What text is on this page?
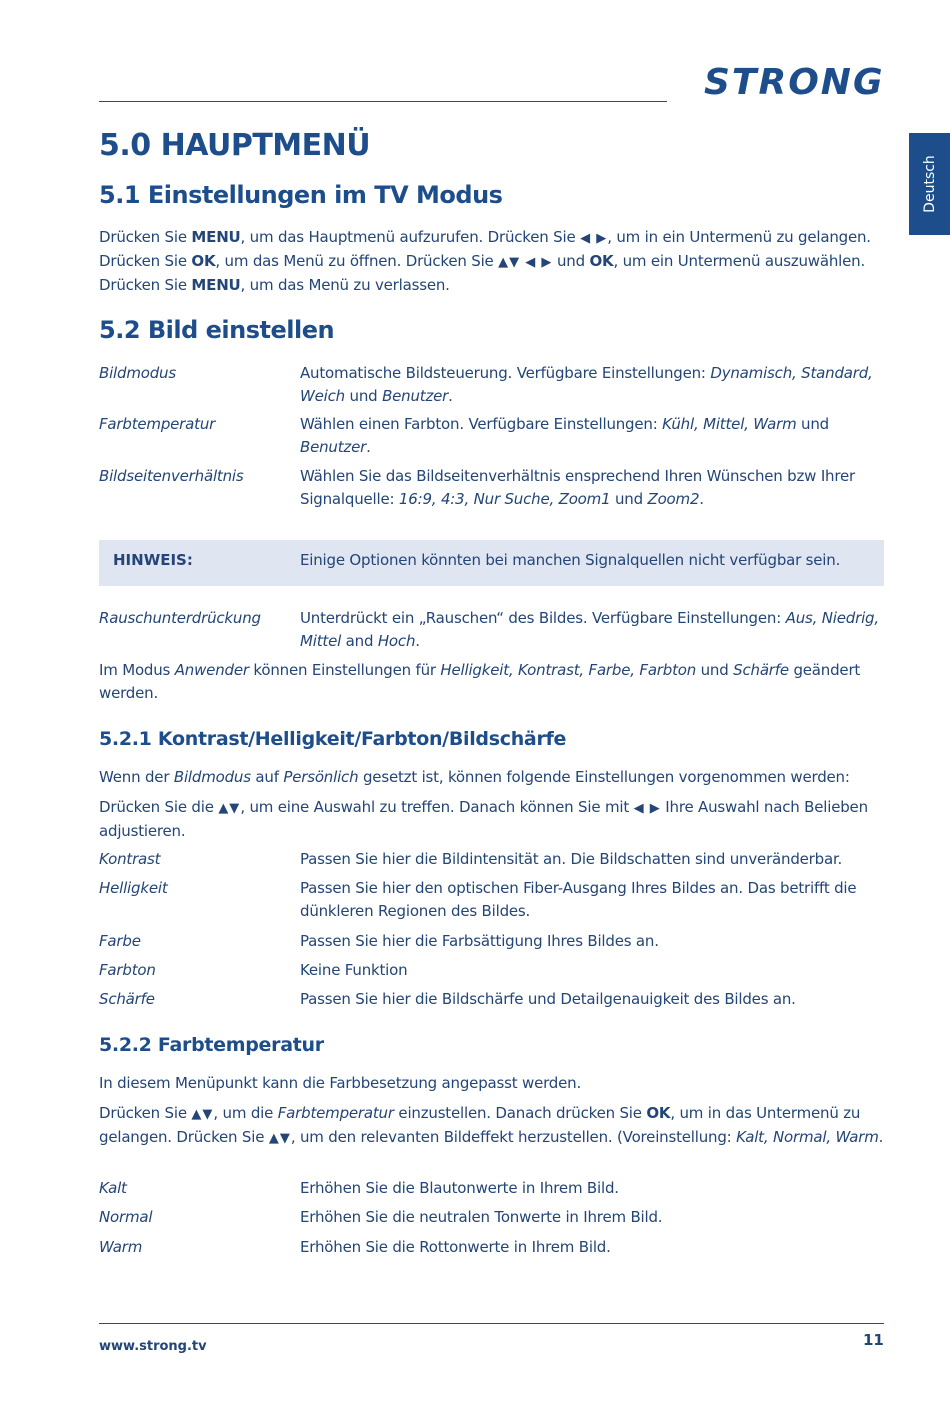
STRONG
Deutsch
5.0 HAUPTMENÜ
5.1 Einstellungen im TV Modus

Drücken Sie MENU, um das Hauptmenü aufzurufen. Drücken Sie ◀ ▶, um in ein Untermenü zu gelangen. Drücken Sie OK, um das Menü zu öffnen. Drücken Sie ▲▼ ◀ ▶ und OK, um ein Untermenü auszuwählen. Drücken Sie MENU, um das Menü zu verlassen.

5.2 Bild einstellen

Bildmodus	Automatische Bildsteuerung. Verfügbare Einstellungen: Dynamisch, Standard, Weich und Benutzer.

Farbtemperatur	Wählen einen Farbton. Verfügbare Einstellungen: Kühl, Mittel, Warm und Benutzer.

Bildseitenverhältnis	Wählen Sie das Bildseitenverhältnis ensprechend Ihren Wünschen bzw Ihrer Signalquelle: 16:9, 4:3, Nur Suche, Zoom1 und Zoom2.

HINWEIS:	Einige Optionen könnten bei manchen Signalquellen nicht verfügbar sein.

Rauschunterdrückung	Unterdrückt ein „Rauschen“ des Bildes. Verfügbare Einstellungen: Aus, Niedrig, Mittel and Hoch.

Im Modus Anwender können Einstellungen für Helligkeit, Kontrast, Farbe, Farbton und Schärfe geändert werden.

5.2.1 Kontrast/Helligkeit/Farbton/Bildschärfe

Wenn der Bildmodus auf Persönlich gesetzt ist, können folgende Einstellungen vorgenommen werden:

Drücken Sie die ▲▼, um eine Auswahl zu treffen. Danach können Sie mit ◀ ▶ Ihre Auswahl nach Belieben adjustieren.

Kontrast	Passen Sie hier die Bildintensität an. Die Bildschatten sind unveränderbar.

Helligkeit	Passen Sie hier den optischen Fiber-Ausgang Ihres Bildes an. Das betrifft die dünkleren Regionen des Bildes.

Farbe	Passen Sie hier die Farbsättigung Ihres Bildes an.

Farbton	Keine Funktion

Schärfe	Passen Sie hier die Bildschärfe und Detailgenauigkeit des Bildes an.

5.2.2 Farbtemperatur

In diesem Menüpunkt kann die Farbbesetzung angepasst werden.

Drücken Sie ▲▼, um die Farbtemperatur einzustellen. Danach drücken Sie OK, um in das Untermenü zu gelangen. Drücken Sie ▲▼, um den relevanten Bildeffekt herzustellen. (Voreinstellung: Kalt, Normal, Warm.

Kalt	Erhöhen Sie die Blautonwerte in Ihrem Bild.

Normal	Erhöhen Sie die neutralen Tonwerte in Ihrem Bild.

Warm	Erhöhen Sie die Rottonwerte in Ihrem Bild.

www.strong.tv	11
